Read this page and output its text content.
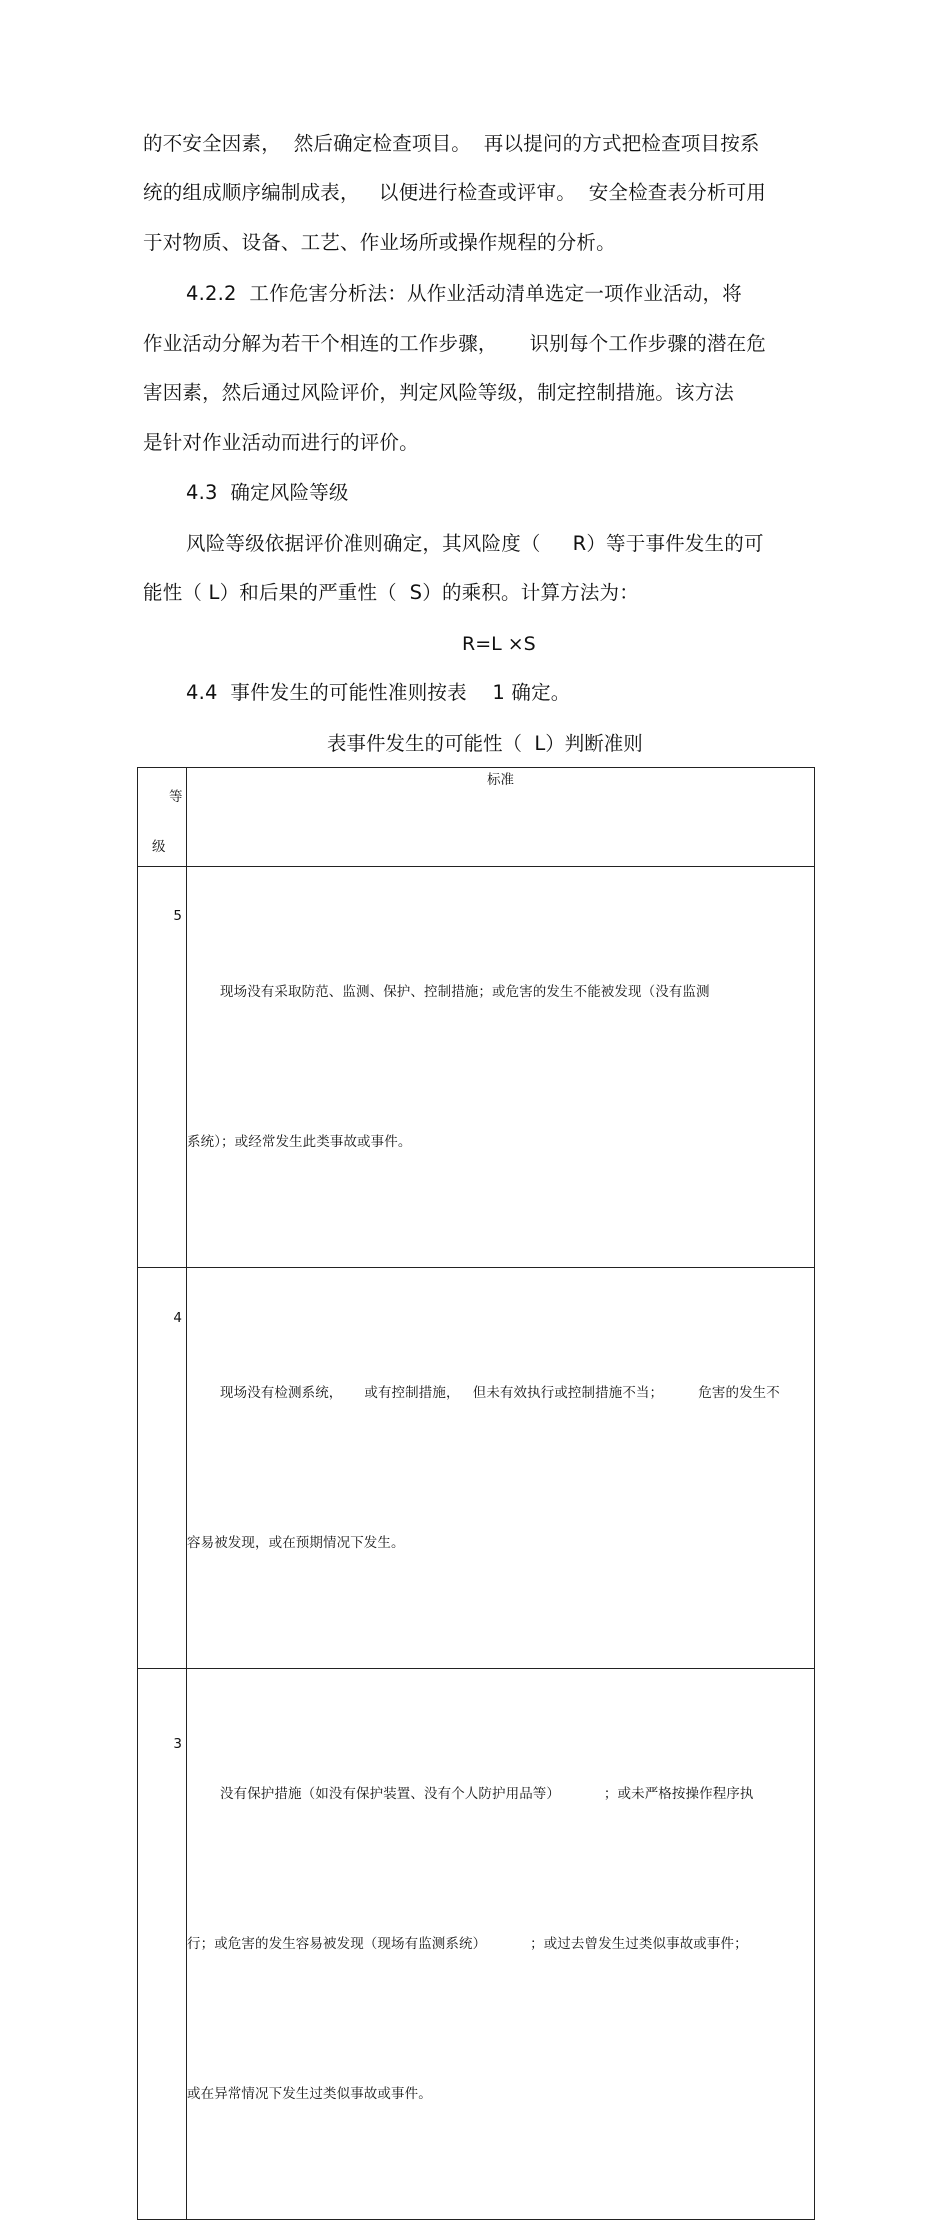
的不安全因素，  然后确定检查项目。  再以提问的方式把检查项目按系
统的组成顺序编制成表，   以便进行检查或评审。  安全检查表分析可用
于对物质、设备、工艺、作业场所或操作规程的分析。
4.2.2  工作危害分析法：从作业活动清单选定一项作业活动，将
作业活动分解为若干个相连的工作步骤，     识别每个工作步骤的潜在危
害因素，然后通过风险评价，判定风险等级，制定控制措施。该方法
是针对作业活动而进行的评价。
4.3  确定风险等级
风险等级依据评价准则确定，其风险度（     R）等于事件发生的可
能性（ L）和后果的严重性（  S）的乘积。计算方法为：
R=L ×S
4.4  事件发生的可能性准则按表    1 确定。
表事件发生的可能性（  L）判断准则
等
级	标准

5	现场没有采取防范、监测、保护、控制措施；或危害的发生不能被发现（没有监测

系统）；或经常发生此类事故或事件。

4	现场没有检测系统，     或有控制措施，   但未有效执行或控制措施不当；        危害的发生不

容易被发现，或在预期情况下发生。

3	没有保护措施（如没有保护装置、没有个人防护用品等）          ；或未严格按操作程序执

行；或危害的发生容易被发现（现场有监测系统）          ；或过去曾发生过类似事故或事件；

或在异常情况下发生过类似事故或事件。
